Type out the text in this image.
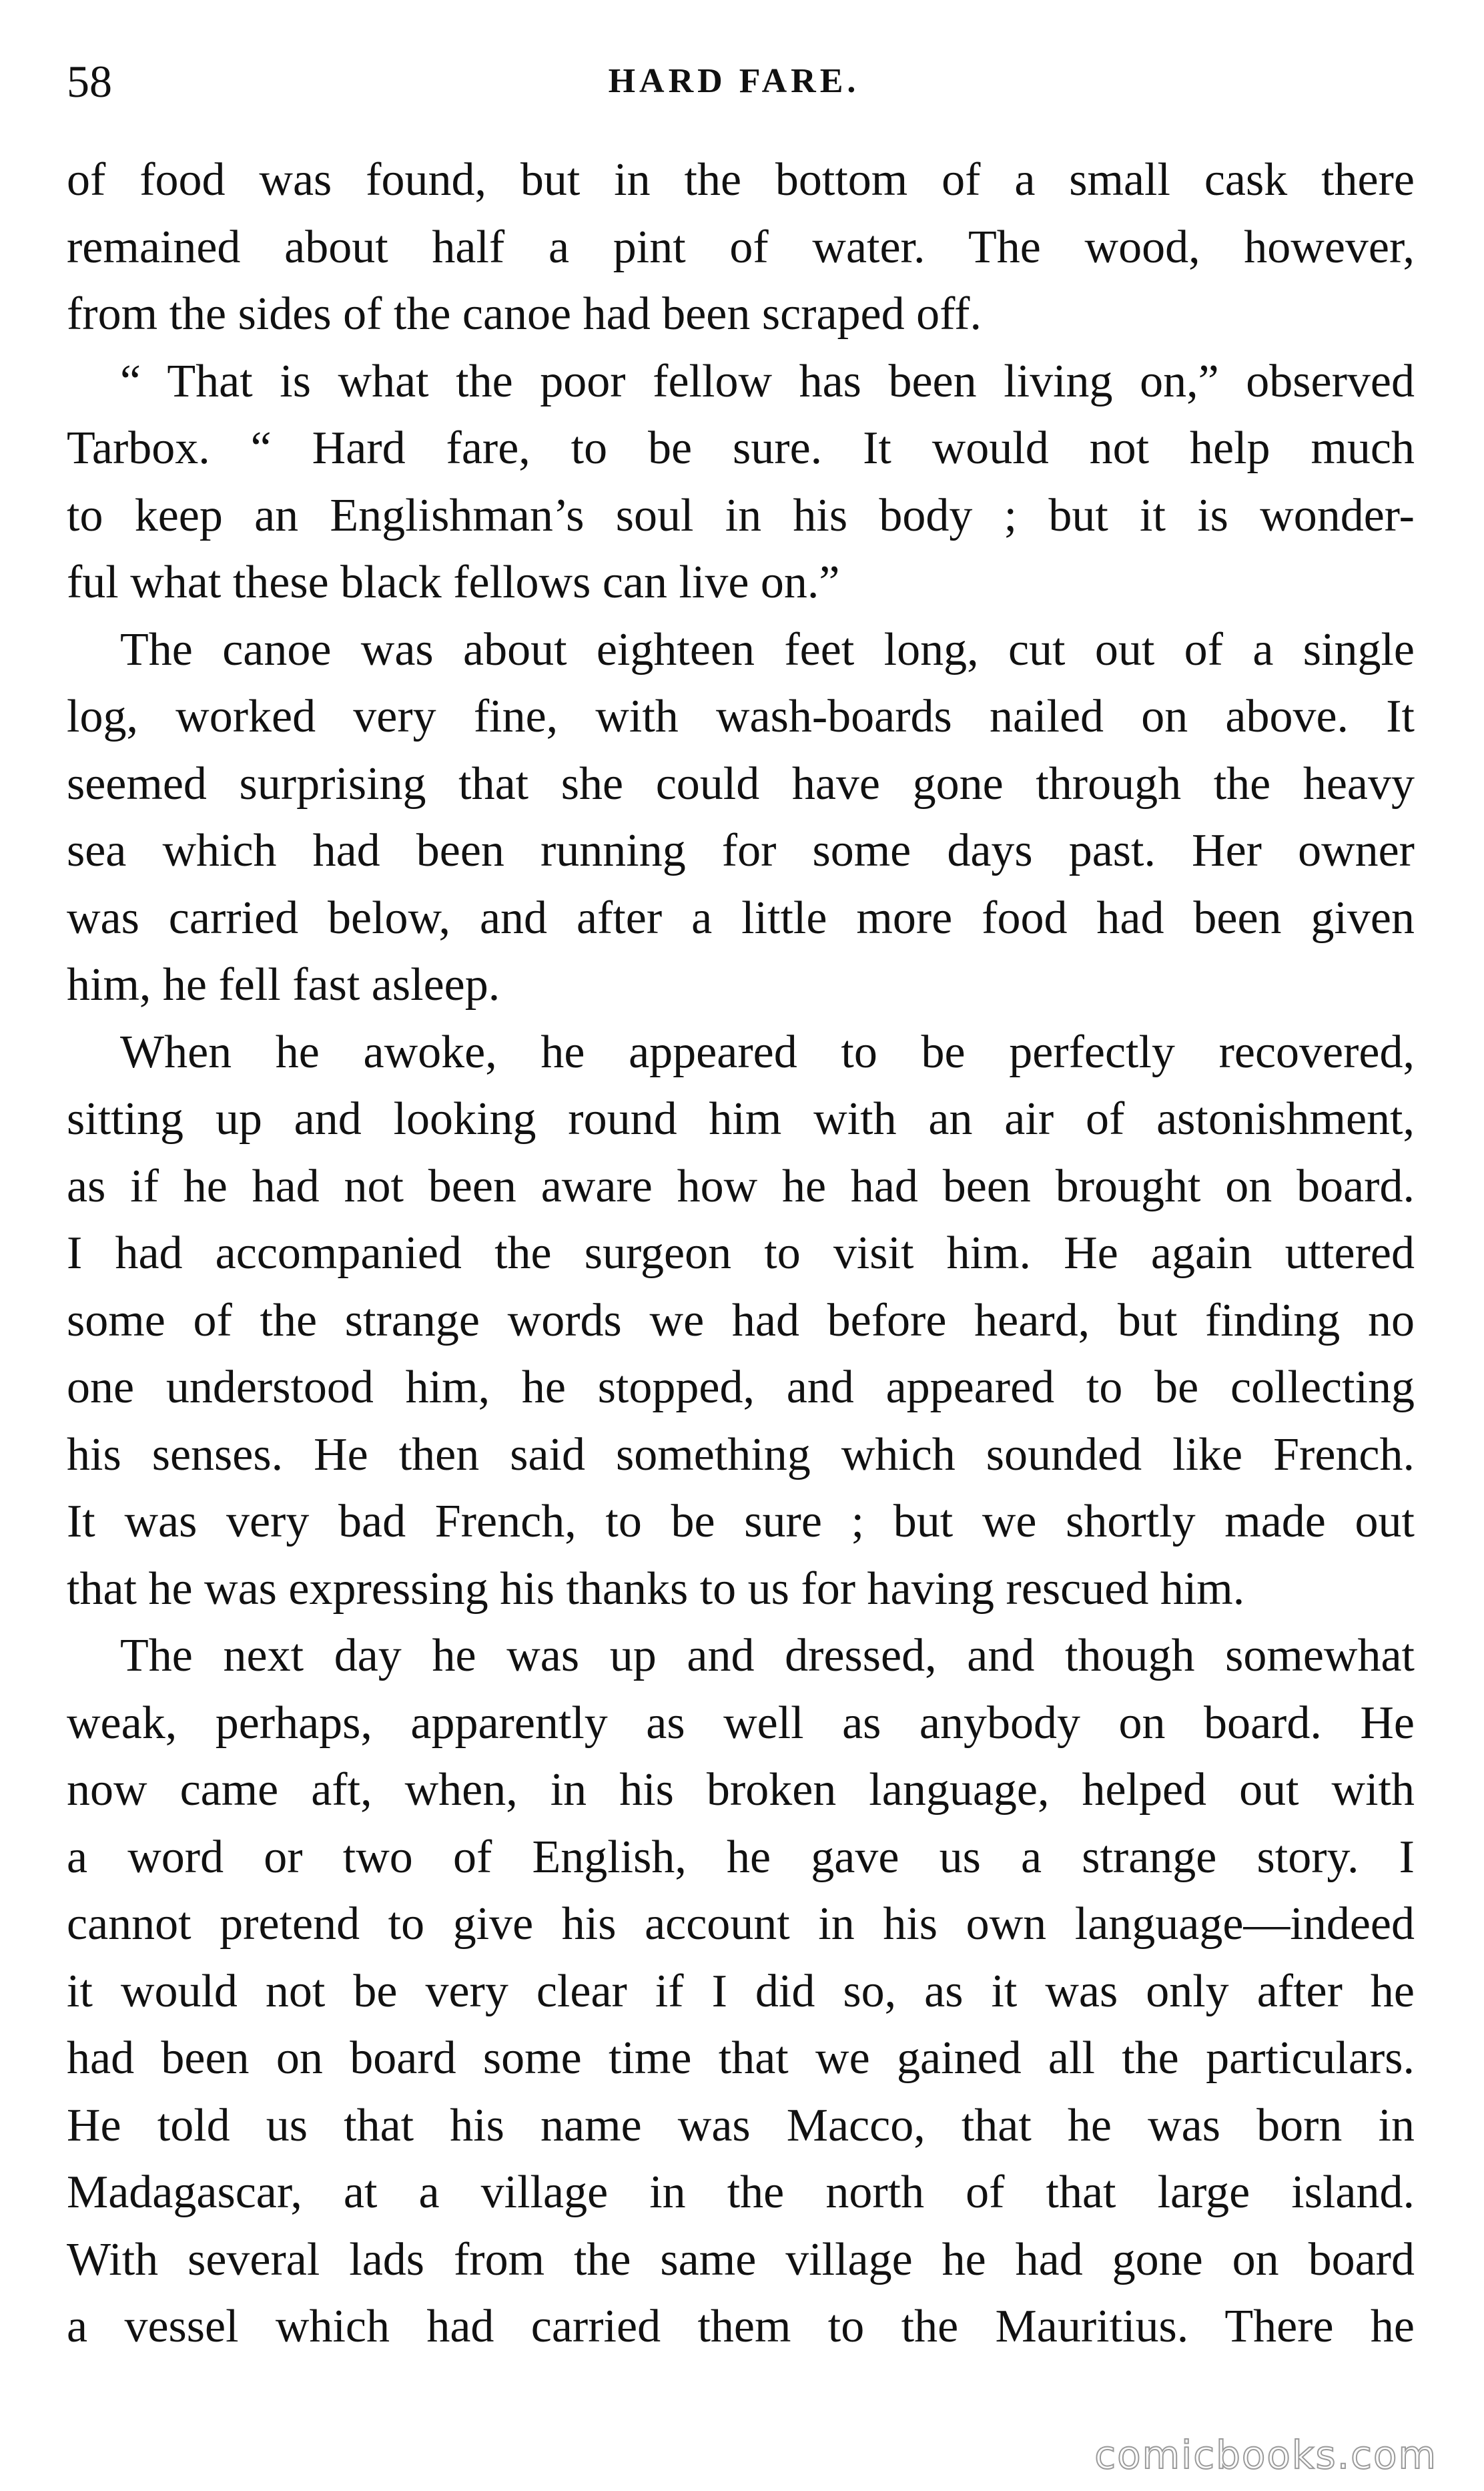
58	HARD FARE.

of food was found, but in the bottom of a small cask there

remained about half a pint of water. The wood, however,

from the sides of the canoe had been scraped off.

“ That is what the poor fellow has been living on,” observed

Tarbox. “ Hard fare, to be sure. It would not help much

to keep an Englishman’s soul in his body ; but it is wonder-

ful what these black fellows can live on.”

The canoe was about eighteen feet long, cut out of a single

log, worked very fine, with wash-boards nailed on above. It

seemed surprising that she could have gone through the heavy

sea which had been running for some days past. Her owner

was carried below, and after a little more food had been given

him, he fell fast asleep.

When he awoke, he appeared to be perfectly recovered,

sitting up and looking round him with an air of astonishment,

as if he had not been aware how he had been brought on board.

I had accompanied the surgeon to visit him. He again uttered

some of the strange words we had before heard, but finding no

one understood him, he stopped, and appeared to be collecting

his senses. He then said something which sounded like French.

It was very bad French, to be sure ; but we shortly made out

that he was expressing his thanks to us for having rescued him.

The next day he was up and dressed, and though somewhat

weak, perhaps, apparently as well as anybody on board. He

now came aft, when, in his broken language, helped out with

a word or two of English, he gave us a strange story. I

cannot pretend to give his account in his own language—indeed

it would not be very clear if I did so, as it was only after he

had been on board some time that we gained all the particulars.

He told us that his name was Macco, that he was born in

Madagascar, at a village in the north of that large island.

With several lads from the same village he had gone on board

a vessel which had carried them to the Mauritius. There he

comicbooks.com
